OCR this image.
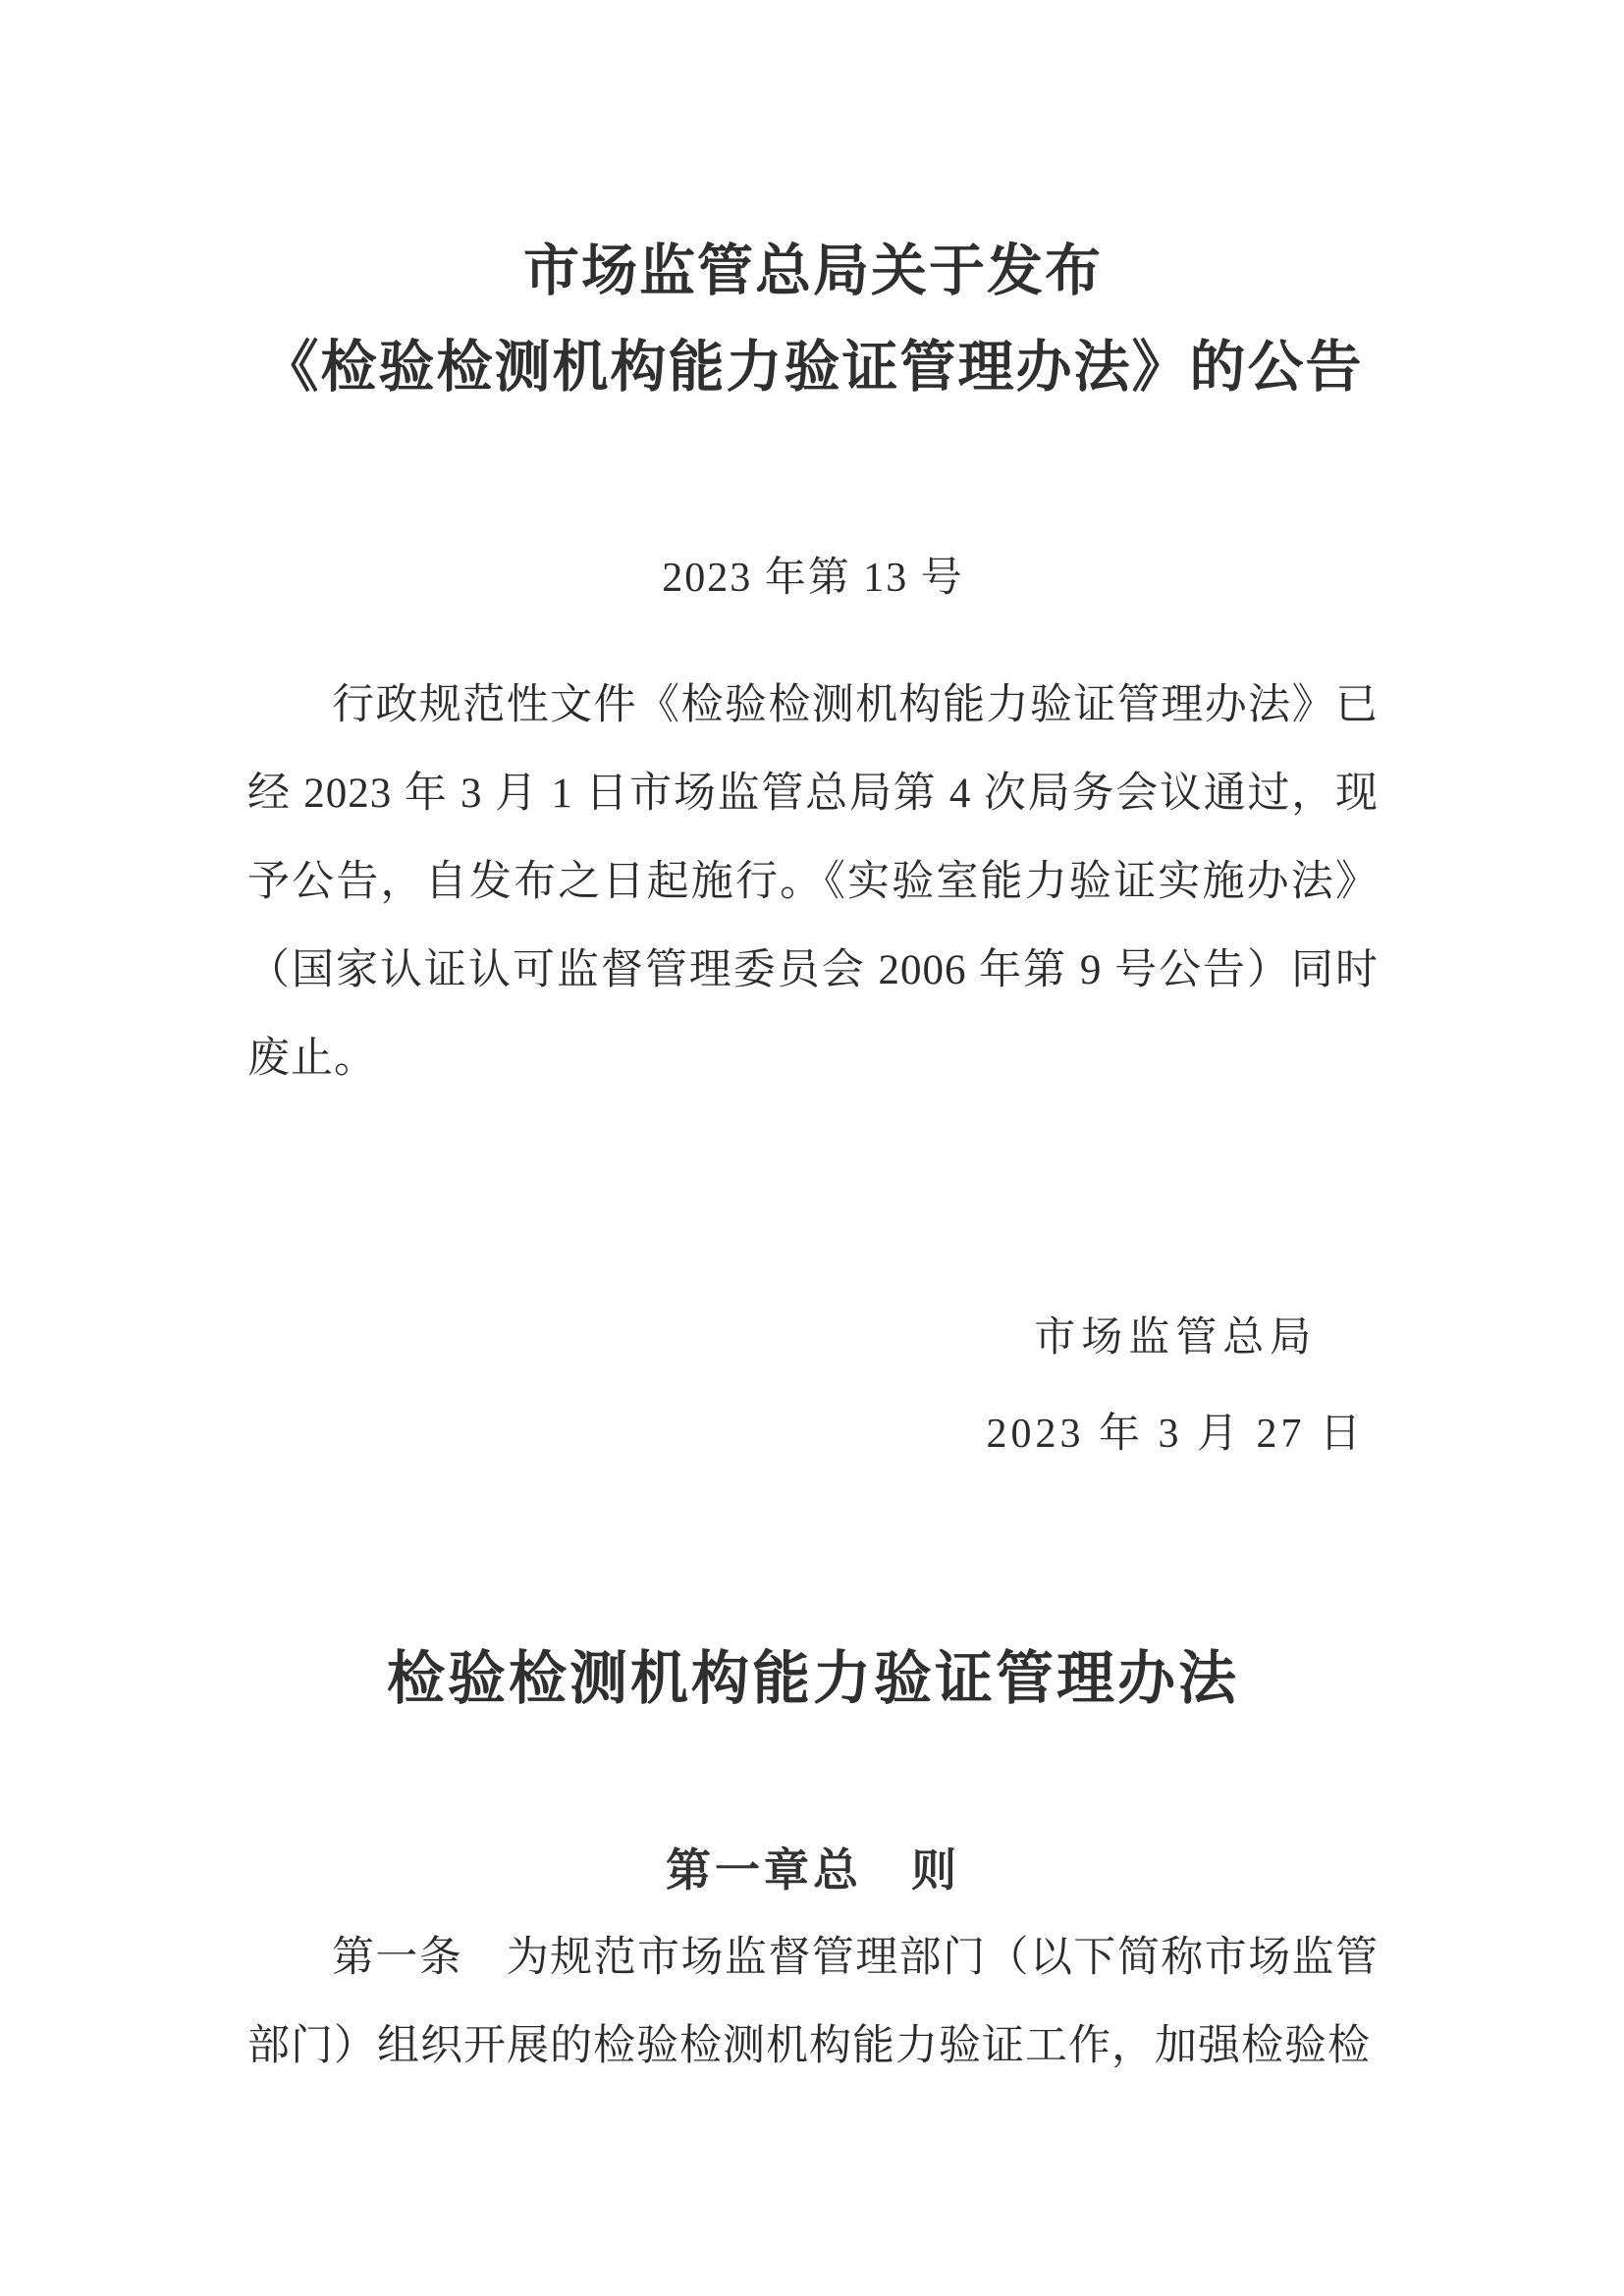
市场监管总局关于发布
《检验检测机构能力验证管理办法》的公告

2023 年第 13 号

行政规范性文件《检验检测机构能力验证管理办法》已经 2023 年 3 月 1 日市场监管总局第 4 次局务会议通过，现予公告，自发布之日起施行。《实验室能力验证实施办法》（国家认证认可监督管理委员会 2006 年第 9 号公告）同时废止。

市场监管总局
2023 年 3 月 27 日
检验检测机构能力验证管理办法
第一章总　则

第一条　为规范市场监督管理部门（以下简称市场监管部门）组织开展的检验检测机构能力验证工作，加强检验检
